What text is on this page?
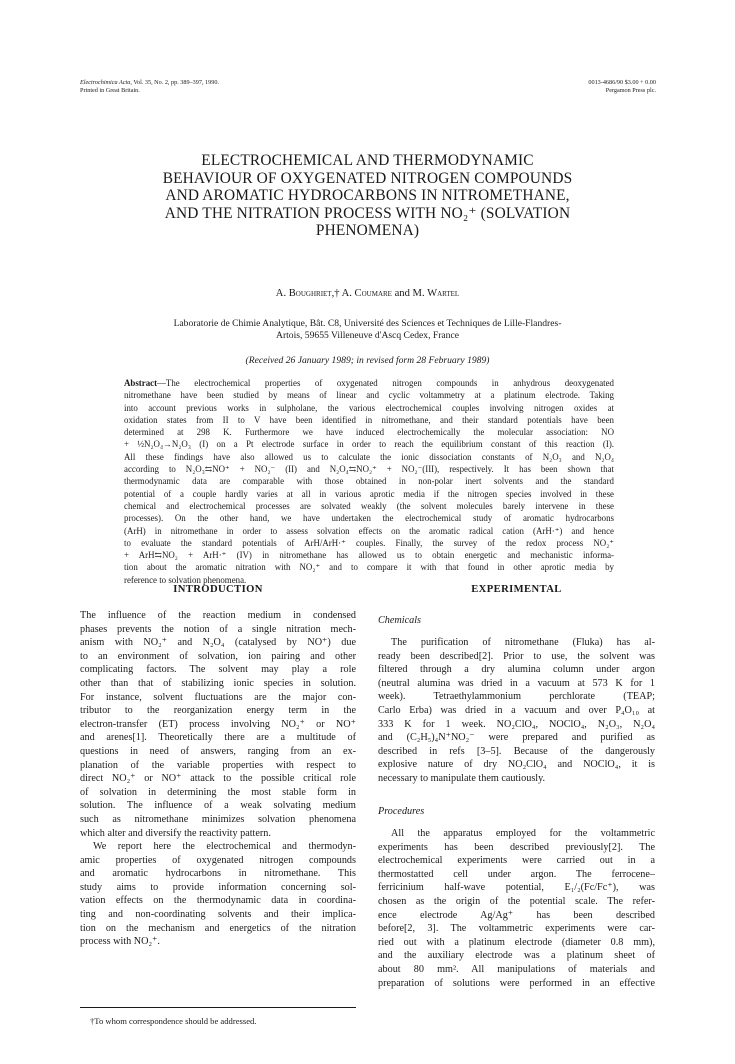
Electrochimica Acta, Vol. 35, No. 2, pp. 389–397, 1990.
Printed in Great Britain.
0013-4686/90 $3.00 + 0.00
Pergamon Press plc.
ELECTROCHEMICAL AND THERMODYNAMIC
BEHAVIOUR OF OXYGENATED NITROGEN COMPOUNDS
AND AROMATIC HYDROCARBONS IN NITROMETHANE,
AND THE NITRATION PROCESS WITH NO₂⁺ (SOLVATION
PHENOMENA)
A. Boughriet,† A. Coumare and M. Wartel
Laboratorie de Chimie Analytique, Bât. C8, Université des Sciences et Techniques de Lille-Flandres-
Artois, 59655 Villeneuve d'Ascq Cedex, France
(Received 26 January 1989; in revised form 28 February 1989)
Abstract—The electrochemical properties of oxygenated nitrogen compounds in anhydrous deoxygenated
nitromethane have been studied by means of linear and cyclic voltammetry at a platinum electrode. Taking
into account previous works in sulpholane, the various electrochemical couples involving nitrogen oxides at
oxidation states from II to V have been identified in nitromethane, and their standard potentials have been
determined at 298 K. Furthermore we have induced electrochemically the molecular association: NO
+ ½N₂O₄→N₂O₃ (I) on a Pt electrode surface in order to reach the equilibrium constant of this reaction (I).
All these findings have also allowed us to calculate the ionic dissociation constants of N₂O₃ and N₂O₄
according to N₂O₃⇆NO⁺ + NO₂⁻ (II) and N₂O₄⇆NO₂⁺ + NO₂⁻(III), respectively. It has been shown that
thermodynamic data are comparable with those obtained in non-polar inert solvents and the standard
potential of a couple hardly varies at all in various aprotic media if the nitrogen species involved in these
chemical and electrochemical processes are solvated weakly (the solvent molecules barely intervene in these
processes). On the other hand, we have undertaken the electrochemical study of aromatic hydrocarbons
(ArH) in nitromethane in order to assess solvation effects on the aromatic radical cation (ArH·⁺) and hence
to evaluate the standard potentials of ArH/ArH·⁺ couples. Finally, the survey of the redox process NO₂⁺
+ ArH⇆NO₂ + ArH·⁺ (IV) in nitromethane has allowed us to obtain energetic and mechanistic informa-
tion about the aromatic nitration with NO₂⁺ and to compare it with that found in other aprotic media by
reference to solvation phenomena.
INTRODUCTION	EXPERIMENTAL
The influence of the reaction medium in condensed
phases prevents the notion of a single nitration mech-
anism with NO₂⁺ and N₂O₄ (catalysed by NO⁺) due
to an environment of solvation, ion pairing and other
complicating factors. The solvent may play a role
other than that of stabilizing ionic species in solution.
For instance, solvent fluctuations are the major con-
tributor to the reorganization energy term in the
electron-transfer (ET) process involving NO₂⁺ or NO⁺
and arenes[1]. Theoretically there are a multitude of
questions in need of answers, ranging from an ex-
planation of the variable properties with respect to
direct NO₂⁺ or NO⁺ attack to the possible critical role
of solvation in determining the most stable form in
solution. The influence of a weak solvating medium
such as nitromethane minimizes solvation phenomena
which alter and diversify the reactivity pattern.
We report here the electrochemical and thermodyn-
amic properties of oxygenated nitrogen compounds
and aromatic hydrocarbons in nitromethane. This
study aims to provide information concerning sol-
vation effects on the thermodynamic data in coordina-
ting and non-coordinating solvents and their implica-
tion on the mechanism and energetics of the nitration
process with NO₂⁺.
†To whom correspondence should be addressed.
Chemicals
The purification of nitromethane (Fluka) has al-
ready been described[2]. Prior to use, the solvent was
filtered through a dry alumina column under argon
(neutral alumina was dried in a vacuum at 573 K for 1
week). Tetraethylammonium perchlorate (TEAP;
Carlo Erba) was dried in a vacuum and over P₄O₁₀ at
333 K for 1 week. NO₂ClO₄, NOClO₄, N₂O₃, N₂O₄
and (C₂H₅)₄N⁺NO₂⁻ were prepared and purified as
described in refs [3–5]. Because of the dangerously
explosive nature of dry NO₂ClO₄ and NOClO₄, it is
necessary to manipulate them cautiously.
Procedures
All the apparatus employed for the voltammetric
experiments has been described previously[2]. The
electrochemical experiments were carried out in a
thermostatted cell under argon. The ferrocene–
ferricinium half-wave potential, E₁/₂(Fc/Fc⁺), was
chosen as the origin of the potential scale. The refer-
ence electrode Ag/Ag⁺ has been described
before[2, 3]. The voltammetric experiments were car-
ried out with a platinum electrode (diameter 0.8 mm),
and the auxiliary electrode was a platinum sheet of
about 80 mm². All manipulations of materials and
preparation of solutions were performed in an effective
